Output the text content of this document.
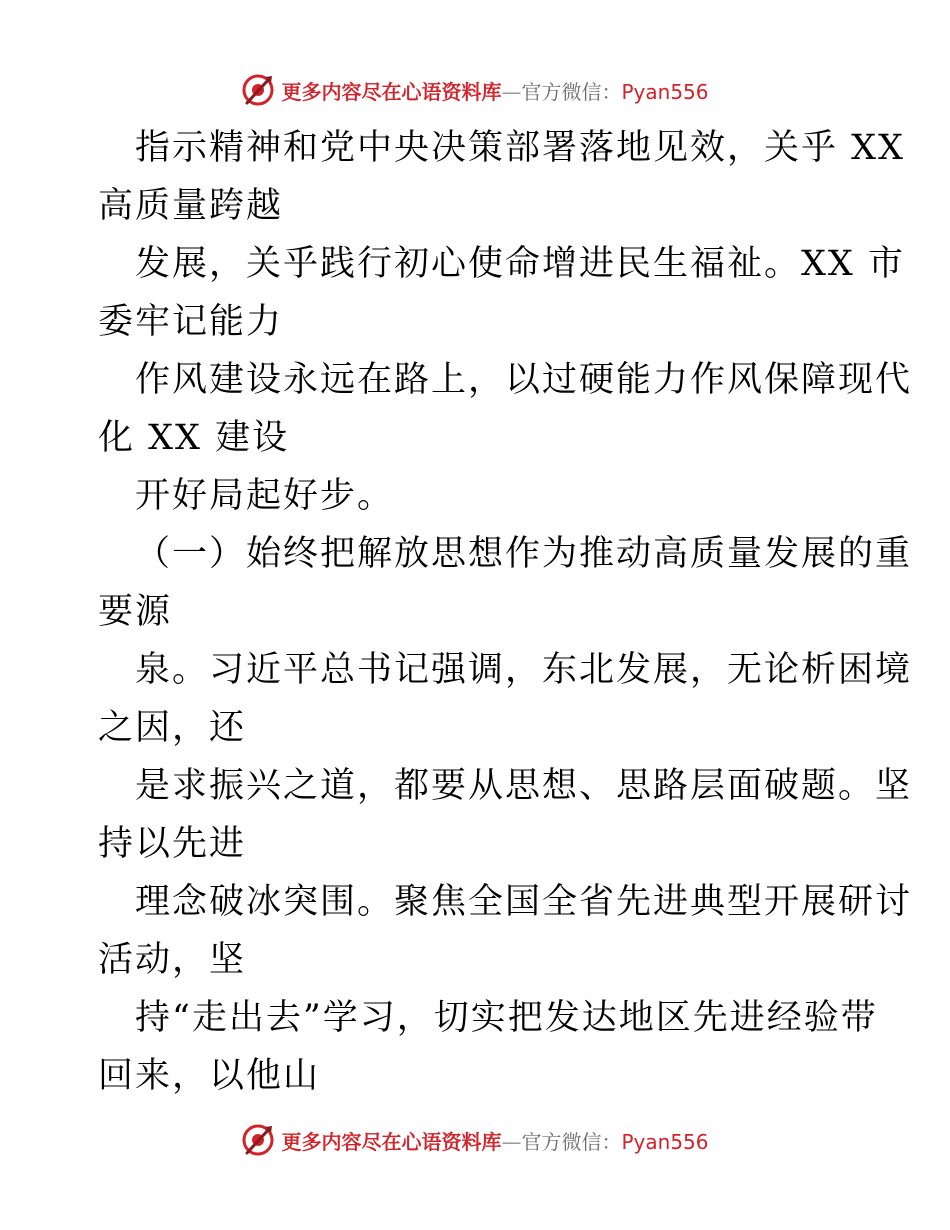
更多内容尽在心语资料库—官方微信：Pyan556
指示精神和党中央决策部署落地见效，关乎 XX
高质量跨越
发展，关乎践行初心使命增进民生福祉。XX 市
委牢记能力
作风建设永远在路上，以过硬能力作风保障现代
化 XX 建设
开好局起好步。
（一）始终把解放思想作为推动高质量发展的重
要源
泉。习近平总书记强调，东北发展，无论析困境
之因，还
是求振兴之道，都要从思想、思路层面破题。坚
持以先进
理念破冰突围。聚焦全国全省先进典型开展研讨
活动，坚
持“走出去”学习，切实把发达地区先进经验带
回来，以他山
更多内容尽在心语资料库—官方微信：Pyan556
